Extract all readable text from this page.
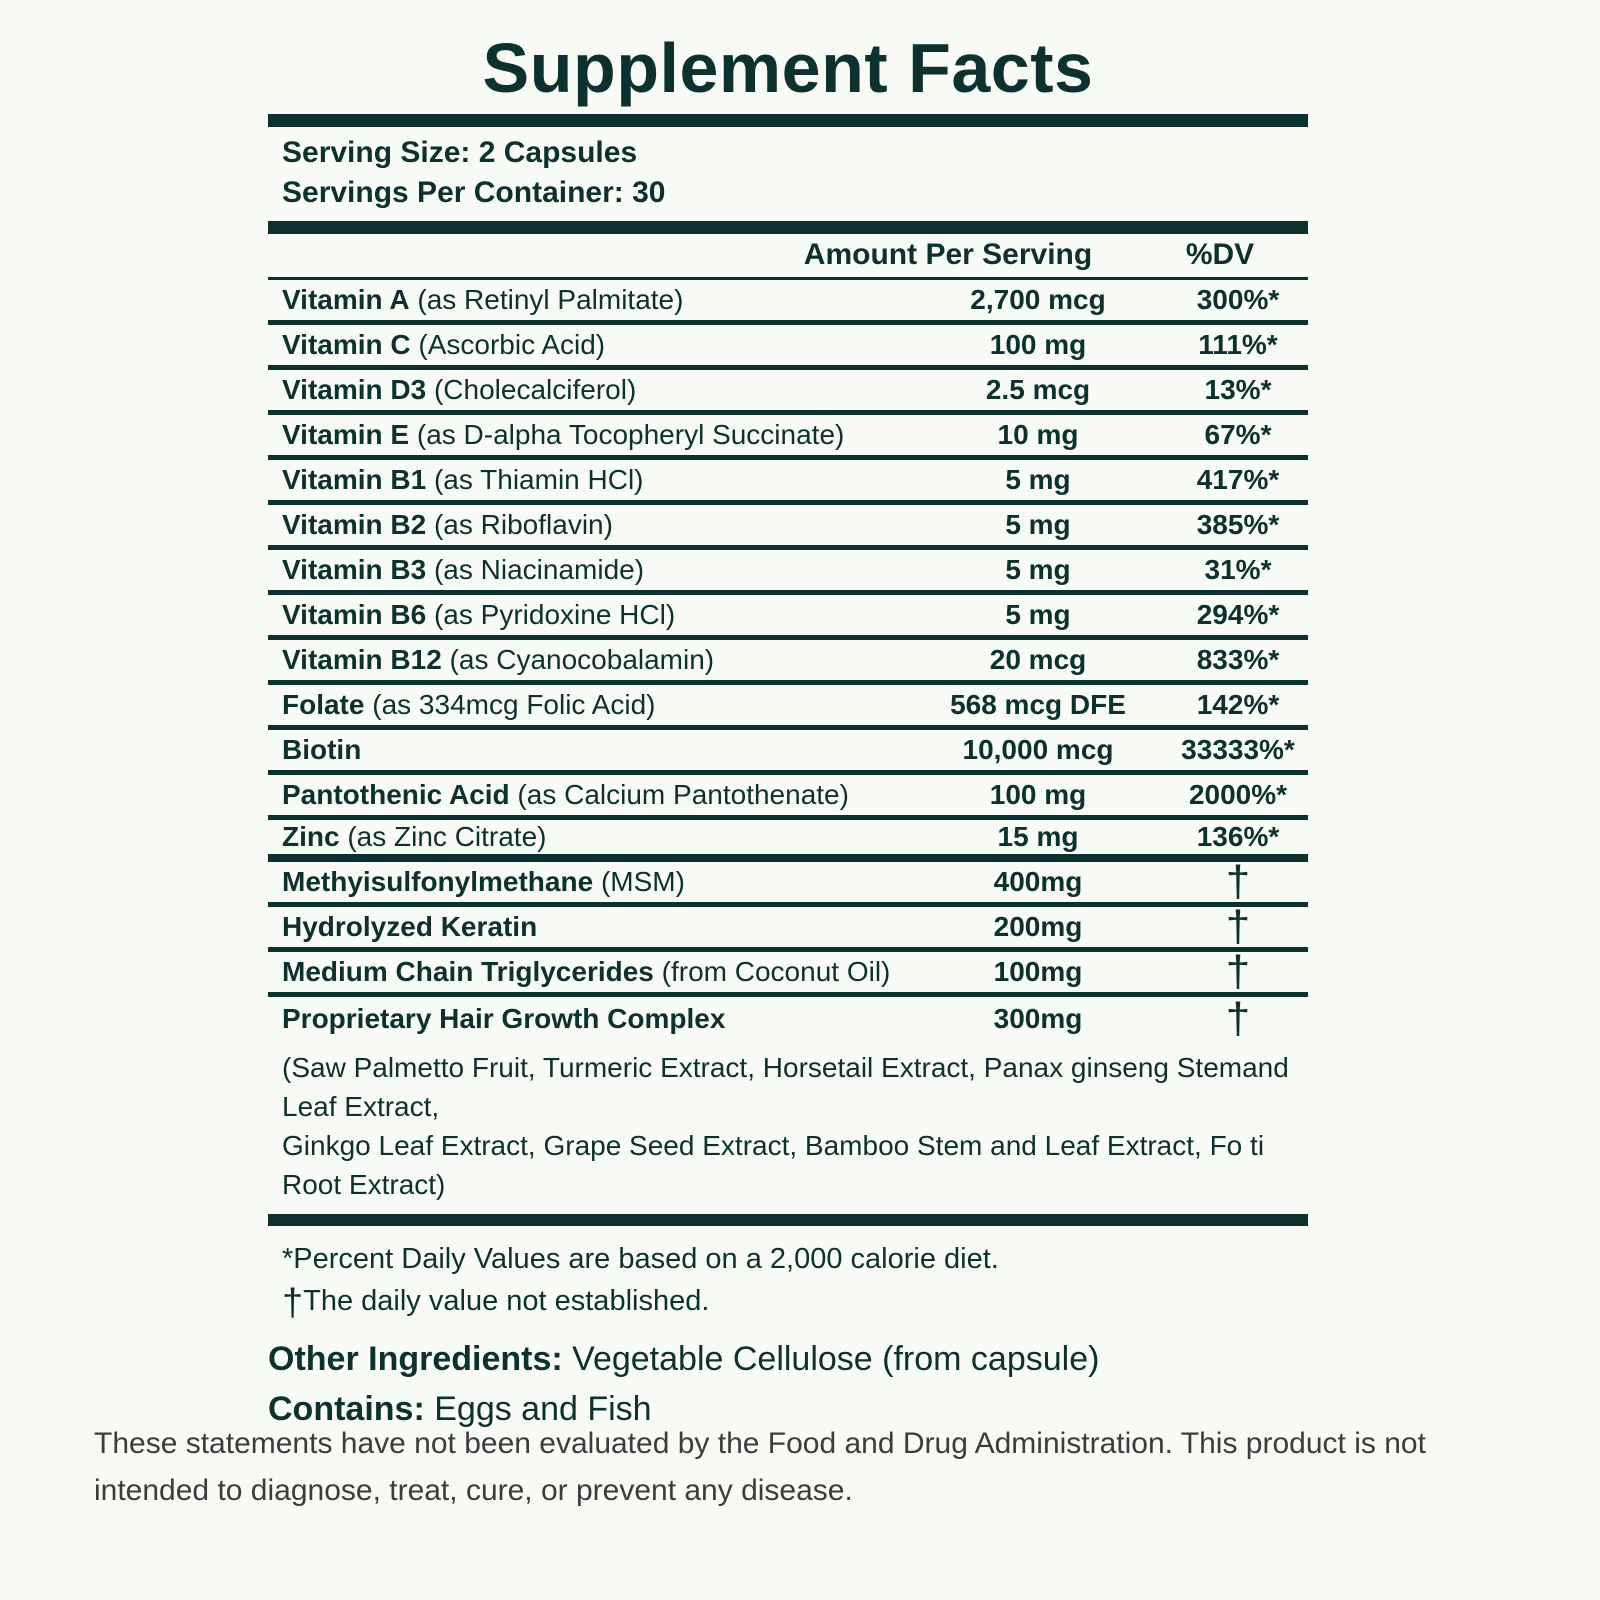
Supplement Facts
Serving Size: 2 Capsules
Servings Per Container: 30
Amount Per Serving	%DV
Vitamin A (as Retinyl Palmitate)	2,700 mcg	300%*
Vitamin C (Ascorbic Acid)	100 mg	111%*
Vitamin D3 (Cholecalciferol)	2.5 mcg	13%*
Vitamin E (as D-alpha Tocopheryl Succinate)	10 mg	67%*
Vitamin B1 (as Thiamin HCl)	5 mg	417%*
Vitamin B2 (as Riboflavin)	5 mg	385%*
Vitamin B3 (as Niacinamide)	5 mg	31%*
Vitamin B6 (as Pyridoxine HCl)	5 mg	294%*
Vitamin B12 (as Cyanocobalamin)	20 mcg	833%*
Folate (as 334mcg Folic Acid)	568 mcg DFE	142%*
Biotin	10,000 mcg	33333%*
Pantothenic Acid (as Calcium Pantothenate)	100 mg	2000%*
Zinc (as Zinc Citrate)	15 mg	136%*
Methyisulfonylmethane (MSM)	400mg	†
Hydrolyzed Keratin	200mg	†
Medium Chain Triglycerides (from Coconut Oil)	100mg	†
Proprietary Hair Growth Complex	300mg	†
(Saw Palmetto Fruit, Turmeric Extract, Horsetail Extract, Panax ginseng Stemand Leaf Extract,
Ginkgo Leaf Extract, Grape Seed Extract, Bamboo Stem and Leaf Extract, Fo ti Root Extract)
*Percent Daily Values are based on a 2,000 calorie diet.
†The daily value not established.
Other Ingredients: Vegetable Cellulose (from capsule)
Contains: Eggs and Fish
These statements have not been evaluated by the Food and Drug Administration. This product is not intended to diagnose, treat, cure, or prevent any disease.
